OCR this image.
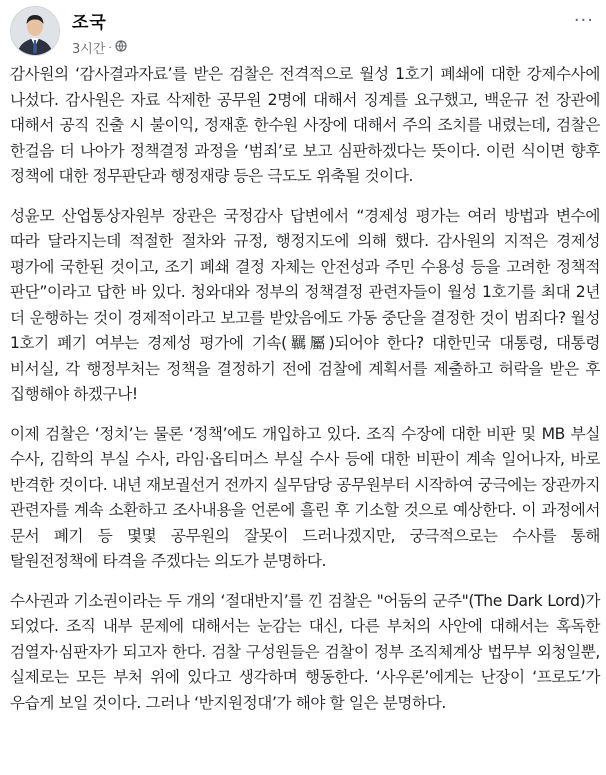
조국
3시간 ·
···

감사원의 ‘감사결과자료’를 받은 검찰은 전격적으로 월성 1호기 폐쇄에 대한 강제수사에 나섰다. 감사원은 자료 삭제한 공무원 2명에 대해서 징계를 요구했고, 백운규 전 장관에 대해서 공직 진출 시 불이익, 정재훈 한수원 사장에 대해서 주의 조치를 내렸는데, 검찰은 한걸음 더 나아가 정책결정 과정을 ‘범죄’로 보고 심판하겠다는 뜻이다. 이런 식이면 향후 정책에 대한 정무판단과 행정재량 등은 극도도 위축될 것이다.

성윤모 산업통상자원부 장관은 국정감사 답변에서 “경제성 평가는 여러 방법과 변수에 따라 달라지는데 적절한 절차와 규정, 행정지도에 의해 했다. 감사원의 지적은 경제성 평가에 국한된 것이고, 조기 폐쇄 결정 자체는 안전성과 주민 수용성 등을 고려한 정책적 판단”이라고 답한 바 있다. 청와대와 정부의 정책결정 관련자들이 월성 1호기를 최대 2년 더 운행하는 것이 경제적이라고 보고를 받았음에도 가동 중단을 결정한 것이 범죄다? 월성 1호기 폐기 여부는 경제성 평가에 기속(羈屬)되어야 한다? 대한민국 대통령, 대통령 비서실, 각 행정부처는 정책을 결정하기 전에 검찰에 계획서를 제출하고 허락을 받은 후 집행해야 하겠구나!

이제 검찰은 ‘정치’는 물론 ‘정책’에도 개입하고 있다. 조직 수장에 대한 비판 및 MB 부실 수사, 김학의 부실 수사, 라임·옵티머스 부실 수사 등에 대한 비판이 계속 일어나자, 바로 반격한 것이다. 내년 재보궐선거 전까지 실무담당 공무원부터 시작하여 궁극에는 장관까지 관련자를 계속 소환하고 조사내용을 언론에 흘린 후 기소할 것으로 예상한다. 이 과정에서 문서 폐기 등 몇몇 공무원의 잘못이 드러나겠지만, 궁극적으로는 수사를 통해 탈원전정책에 타격을 주겠다는 의도가 분명하다.

수사권과 기소권이라는 두 개의 ‘절대반지’를 낀 검찰은 "어둠의 군주"(The Dark Lord)가 되었다. 조직 내부 문제에 대해서는 눈감는 대신, 다른 부처의 사안에 대해서는 혹독한 검열자·심판자가 되고자 한다. 검찰 구성원들은 검찰이 정부 조직체계상 법무부 외청일뿐, 실제로는 모든 부처 위에 있다고 생각하며 행동한다. ‘사우론’에게는 난장이 ‘프로도’가 우습게 보일 것이다. 그러나 ‘반지원정대’가 해야 할 일은 분명하다.
